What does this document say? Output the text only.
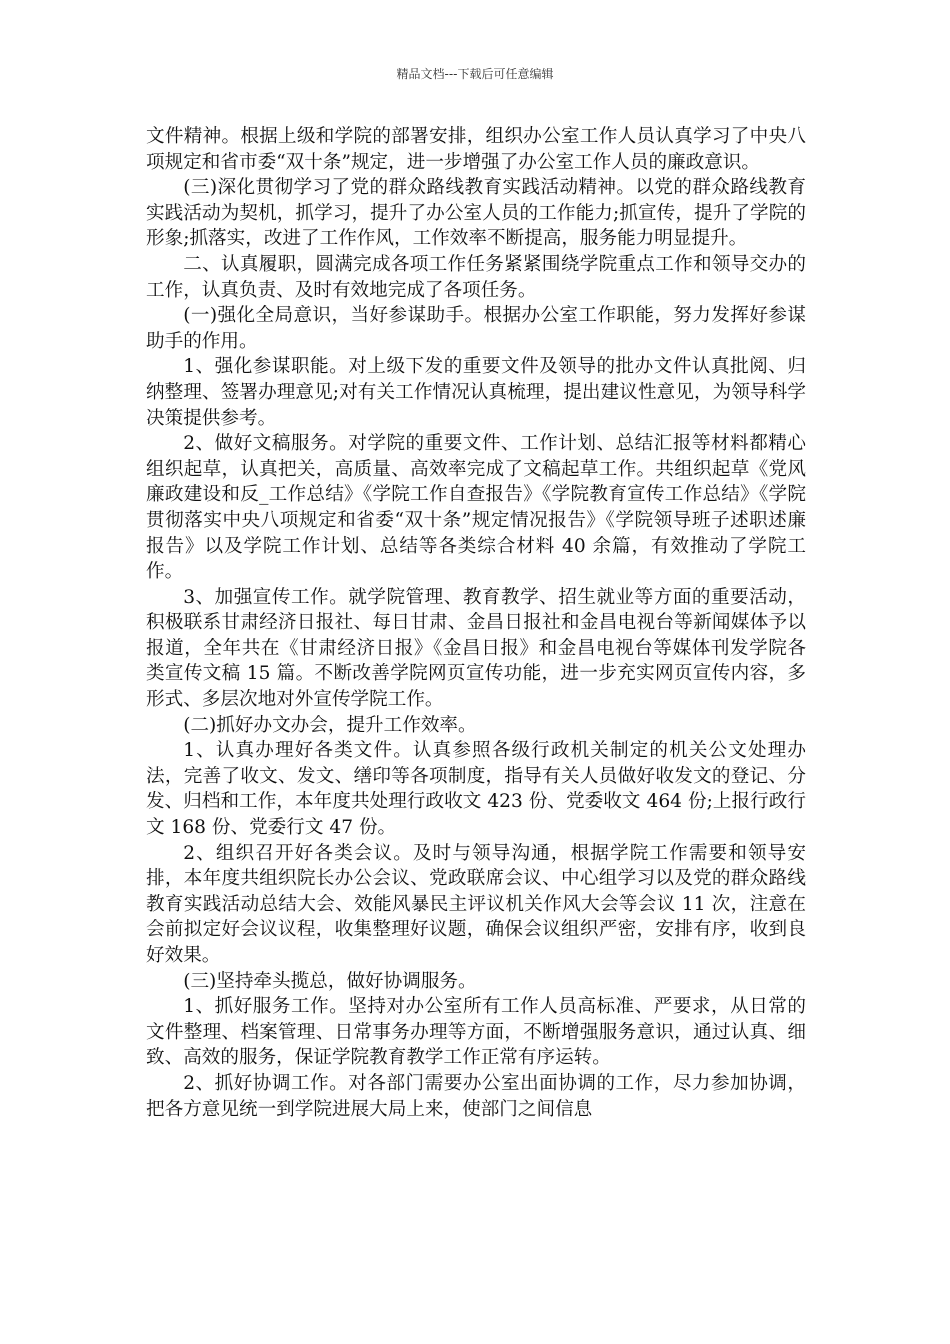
精品文档---下载后可任意编辑

文件精神。根据上级和学院的部署安排，组织办公室工作人员认真学习了中央八项规定和省市委“双十条”规定，进一步增强了办公室工作人员的廉政意识。

(三)深化贯彻学习了党的群众路线教育实践活动精神。以党的群众路线教育实践活动为契机，抓学习，提升了办公室人员的工作能力;抓宣传，提升了学院的形象;抓落实，改进了工作作风，工作效率不断提高，服务能力明显提升。

二、认真履职，圆满完成各项工作任务紧紧围绕学院重点工作和领导交办的工作，认真负责、及时有效地完成了各项任务。

(一)强化全局意识，当好参谋助手。根据办公室工作职能，努力发挥好参谋助手的作用。

1、强化参谋职能。对上级下发的重要文件及领导的批办文件认真批阅、归纳整理、签署办理意见;对有关工作情况认真梳理，提出建议性意见，为领导科学决策提供参考。

2、做好文稿服务。对学院的重要文件、工作计划、总结汇报等材料都精心组织起草，认真把关，高质量、高效率完成了文稿起草工作。共组织起草《党风廉政建设和反_工作总结》《学院工作自查报告》《学院教育宣传工作总结》《学院贯彻落实中央八项规定和省委“双十条”规定情况报告》《学院领导班子述职述廉报告》以及学院工作计划、总结等各类综合材料 40 余篇，有效推动了学院工作。

3、加强宣传工作。就学院管理、教育教学、招生就业等方面的重要活动，积极联系甘肃经济日报社、每日甘肃、金昌日报社和金昌电视台等新闻媒体予以报道，全年共在《甘肃经济日报》《金昌日报》和金昌电视台等媒体刊发学院各类宣传文稿 15 篇。不断改善学院网页宣传功能，进一步充实网页宣传内容，多形式、多层次地对外宣传学院工作。

(二)抓好办文办会，提升工作效率。

1、认真办理好各类文件。认真参照各级行政机关制定的机关公文处理办法，完善了收文、发文、缮印等各项制度，指导有关人员做好收发文的登记、分发、归档和工作，本年度共处理行政收文 423 份、党委收文 464 份;上报行政行文 168 份、党委行文 47 份。

2、组织召开好各类会议。及时与领导沟通，根据学院工作需要和领导安排，本年度共组织院长办公会议、党政联席会议、中心组学习以及党的群众路线教育实践活动总结大会、效能风暴民主评议机关作风大会等会议 11 次，注意在会前拟定好会议议程，收集整理好议题，确保会议组织严密，安排有序，收到良好效果。

(三)坚持牵头揽总，做好协调服务。

1、抓好服务工作。坚持对办公室所有工作人员高标准、严要求，从日常的文件整理、档案管理、日常事务办理等方面，不断增强服务意识，通过认真、细致、高效的服务，保证学院教育教学工作正常有序运转。

2、抓好协调工作。对各部门需要办公室出面协调的工作，尽力参加协调，把各方意见统一到学院进展大局上来，使部门之间信息
